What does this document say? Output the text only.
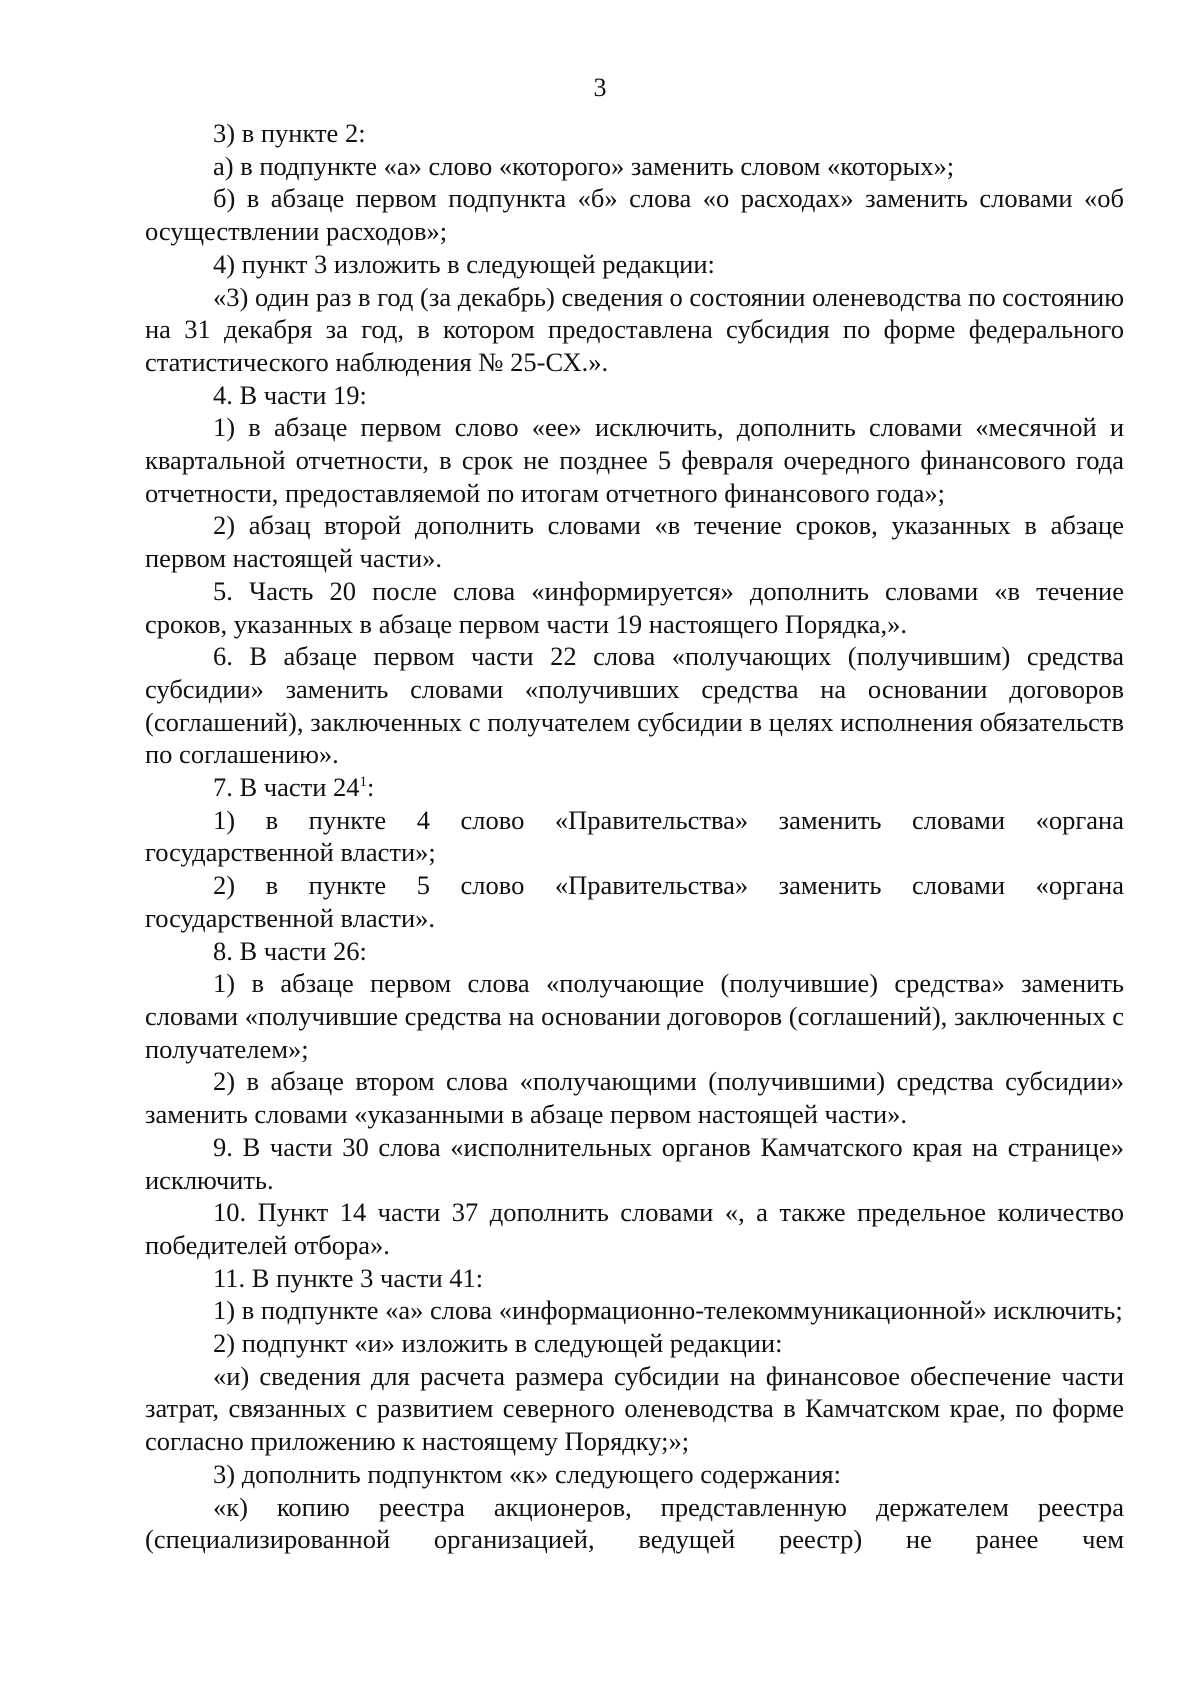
3

3) в пункте 2:

а) в подпункте «а» слово «которого» заменить словом «которых»;

б) в абзаце первом подпункта «б» слова «о расходах» заменить словами «об осуществлении расходов»;

4) пункт 3 изложить в следующей редакции:

«3) один раз в год (за декабрь) сведения о состоянии оленеводства по состоянию на 31 декабря за год, в котором предоставлена субсидия по форме федерального статистического наблюдения № 25-СХ.».

4. В части 19:

1) в абзаце первом слово «ее» исключить, дополнить словами «месячной и квартальной отчетности, в срок не позднее 5 февраля очередного финансового года отчетности, предоставляемой по итогам отчетного финансового года»;

2) абзац второй дополнить словами «в течение сроков, указанных в абзаце первом настоящей части».

5. Часть 20 после слова «информируется» дополнить словами «в течение сроков, указанных в абзаце первом части 19 настоящего Порядка,».

6. В абзаце первом части 22 слова «получающих (получившим) средства субсидии» заменить словами «получивших средства на основании договоров (соглашений), заключенных с получателем субсидии в целях исполнения обязательств по соглашению».

7. В части $24^1$:

1) в пункте 4 слово «Правительства» заменить словами «органа государственной власти»;

2) в пункте 5 слово «Правительства» заменить словами «органа государственной власти».

8. В части 26:

1) в абзаце первом слова «получающие (получившие) средства» заменить словами «получившие средства на основании договоров (соглашений), заключенных с получателем»;

2) в абзаце втором слова «получающими (получившими) средства субсидии» заменить словами «указанными в абзаце первом настоящей части».

9. В части 30 слова «исполнительных органов Камчатского края на странице» исключить.

10. Пункт 14 части 37 дополнить словами «, а также предельное количество победителей отбора».

11. В пункте 3 части 41:

1) в подпункте «а» слова «информационно-телекоммуникационной» исключить;

2) подпункт «и» изложить в следующей редакции:

«и) сведения для расчета размера субсидии на финансовое обеспечение части затрат, связанных с развитием северного оленеводства в Камчатском крае, по форме согласно приложению к настоящему Порядку;»;

3) дополнить подпунктом «к» следующего содержания:

«к) копию реестра акционеров, представленную держателем реестра (специализированной организацией, ведущей реестр) не ранее чем
